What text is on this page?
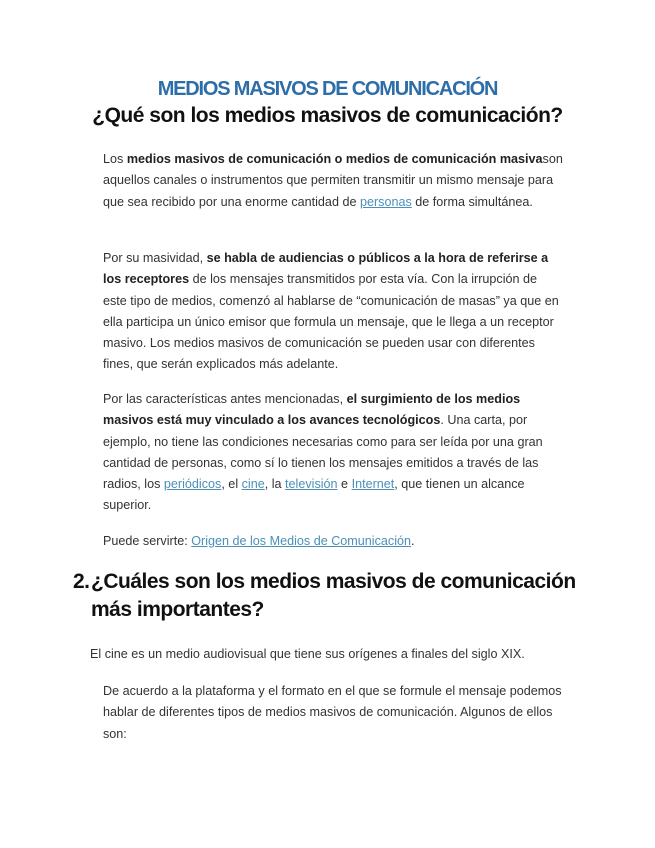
MEDIOS MASIVOS DE COMUNICACIÓN
¿Qué son los medios masivos de comunicación?
Los medios masivos de comunicación o medios de comunicación masivason aquellos canales o instrumentos que permiten transmitir un mismo mensaje para que sea recibido por una enorme cantidad de personas de forma simultánea.
Por su masividad, se habla de audiencias o públicos a la hora de referirse a los receptores de los mensajes transmitidos por esta vía. Con la irrupción de este tipo de medios, comenzó al hablarse de “comunicación de masas” ya que en ella participa un único emisor que formula un mensaje, que le llega a un receptor masivo. Los medios masivos de comunicación se pueden usar con diferentes fines, que serán explicados más adelante.
Por las características antes mencionadas, el surgimiento de los medios masivos está muy vinculado a los avances tecnológicos. Una carta, por ejemplo, no tiene las condiciones necesarias como para ser leída por una gran cantidad de personas, como sí lo tienen los mensajes emitidos a través de las radios, los periódicos, el cine, la televisión e Internet, que tienen un alcance superior.
Puede servirte: Origen de los Medios de Comunicación.
2.¿Cuáles son los medios masivos de comunicación
más importantes?
El cine es un medio audiovisual que tiene sus orígenes a finales del siglo XIX.
De acuerdo a la plataforma y el formato en el que se formule el mensaje podemos hablar de diferentes tipos de medios masivos de comunicación. Algunos de ellos son:
